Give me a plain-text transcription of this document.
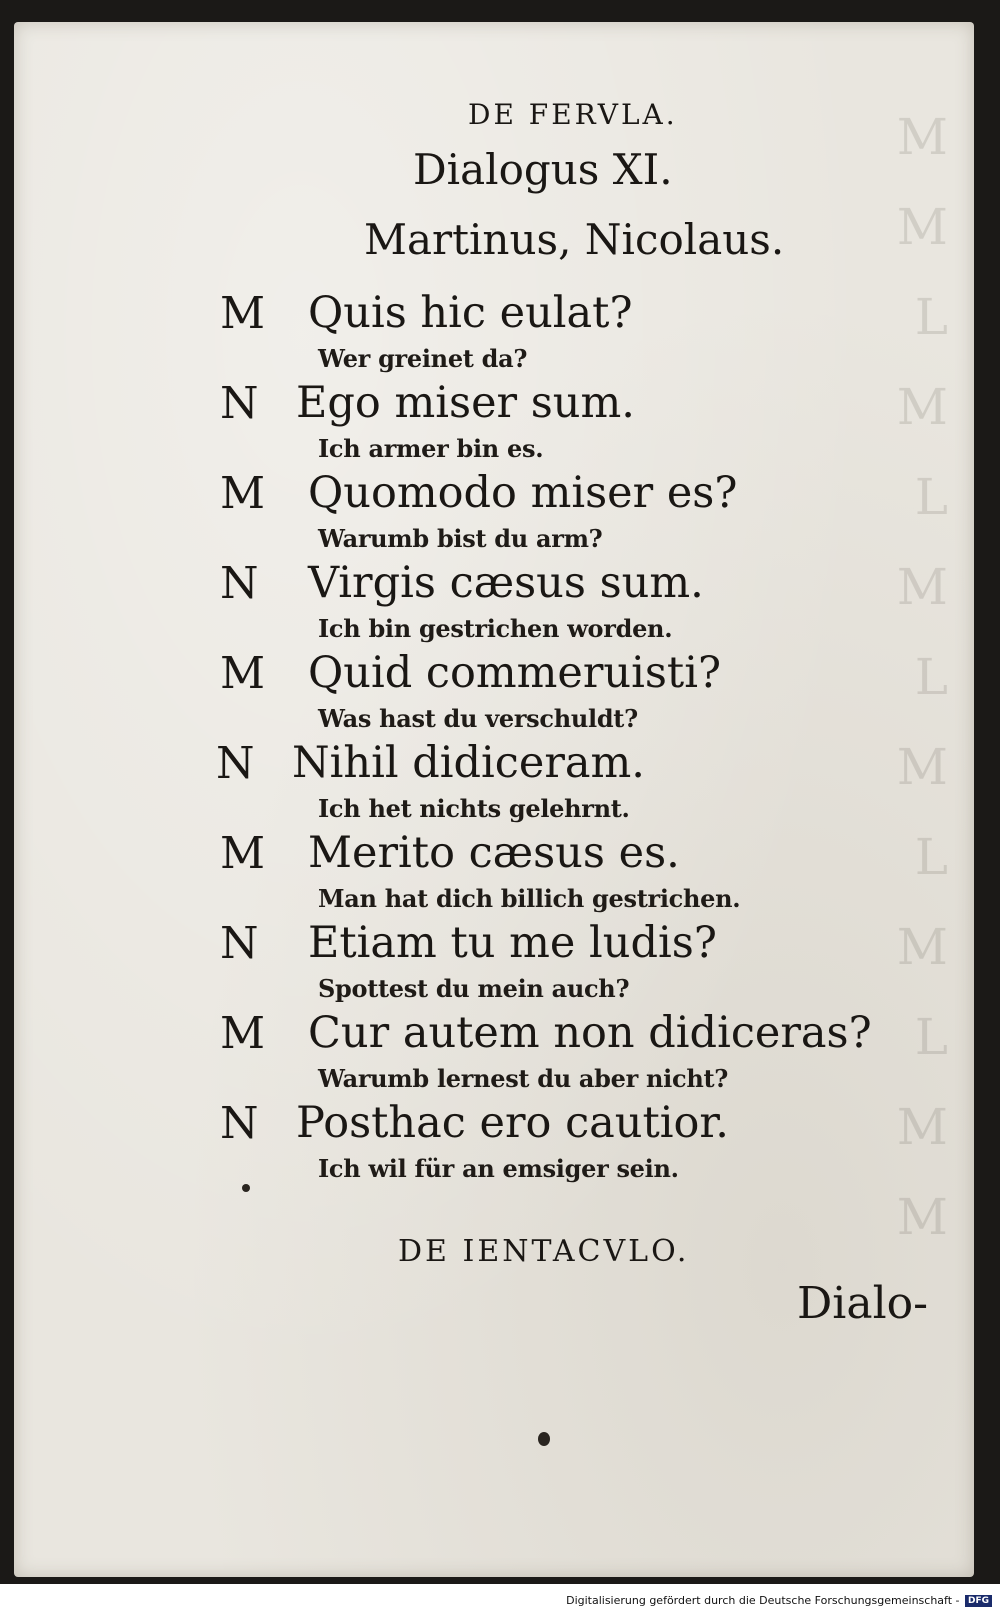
M
M
L
M
L
M
L
M
L
M
L
M
M
DE FERVLA.
Dialogus XI.
Martinus, Nicolaus.
M Quis hic eulat?
Wer greinet da?
N Ego miser sum.
Ich armer bin es.
M Quomodo miser es?
Warumb bist du arm?
N Virgis cæsus sum.
Ich bin gestrichen worden.
M Quid commeruisti?
Was hast du verschuldt?
N Nihil didiceram.
Ich het nichts gelehrnt.
M Merito cæsus es.
Man hat dich billich gestrichen.
N Etiam tu me ludis?
Spottest du mein auch?
M Cur autem non didiceras?
Warumb lernest du aber nicht?
N Posthac ero cautior.
Ich wil für an emsiger sein.
DE IENTACVLO.
Dialo-
Digitalisierung gefördert durch die Deutsche Forschungsgemeinschaft - DFG
